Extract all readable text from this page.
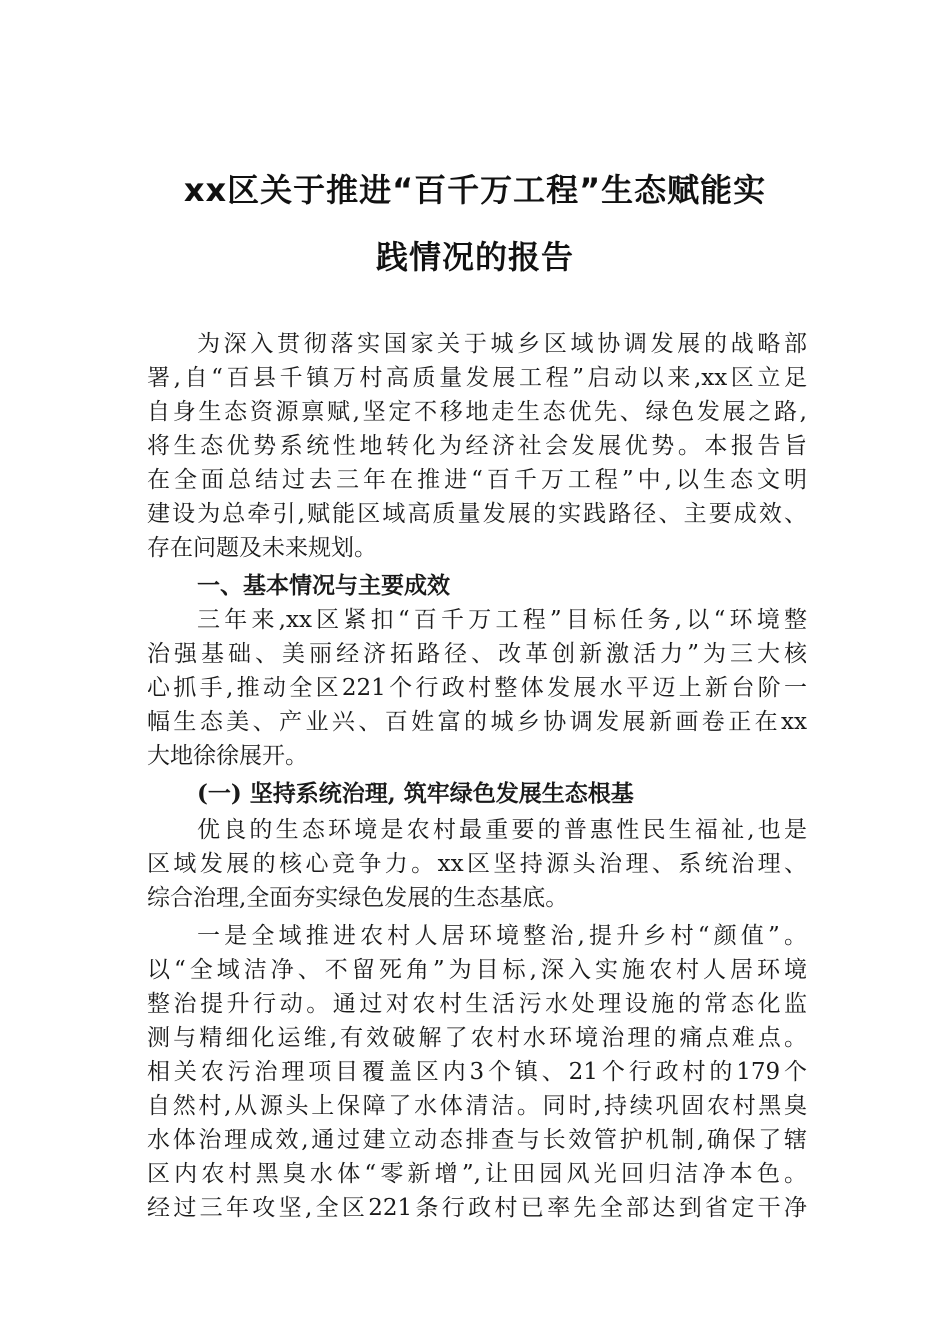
xx区关于推进“百千万工程”生态赋能实
践情况的报告
为深入贯彻落实国家关于城乡区域协调发展的战略部
署,自“百县千镇万村高质量发展工程”启动以来,xx区立足
自身生态资源禀赋,坚定不移地走生态优先、绿色发展之路,
将生态优势系统性地转化为经济社会发展优势。本报告旨
在全面总结过去三年在推进“百千万工程”中,以生态文明
建设为总牵引,赋能区域高质量发展的实践路径、主要成效、
存在问题及未来规划。
一、基本情况与主要成效
三年来,xx区紧扣“百千万工程”目标任务,以“环境整
治强基础、美丽经济拓路径、改革创新激活力”为三大核
心抓手,推动全区221个行政村整体发展水平迈上新台阶一
幅生态美、产业兴、百姓富的城乡协调发展新画卷正在xx
大地徐徐展开。
(一) 坚持系统治理, 筑牢绿色发展生态根基
优良的生态环境是农村最重要的普惠性民生福祉,也是
区域发展的核心竞争力。xx区坚持源头治理、系统治理、
综合治理,全面夯实绿色发展的生态基底。
一是全域推进农村人居环境整治,提升乡村“颜值”。
以“全域洁净、不留死角”为目标,深入实施农村人居环境
整治提升行动。通过对农村生活污水处理设施的常态化监
测与精细化运维,有效破解了农村水环境治理的痛点难点。
相关农污治理项目覆盖区内3个镇、21个行政村的179个
自然村,从源头上保障了水体清洁。同时,持续巩固农村黑臭
水体治理成效,通过建立动态排查与长效管护机制,确保了辖
区内农村黑臭水体“零新增”,让田园风光回归洁净本色。
经过三年攻坚,全区221条行政村已率先全部达到省定干净
